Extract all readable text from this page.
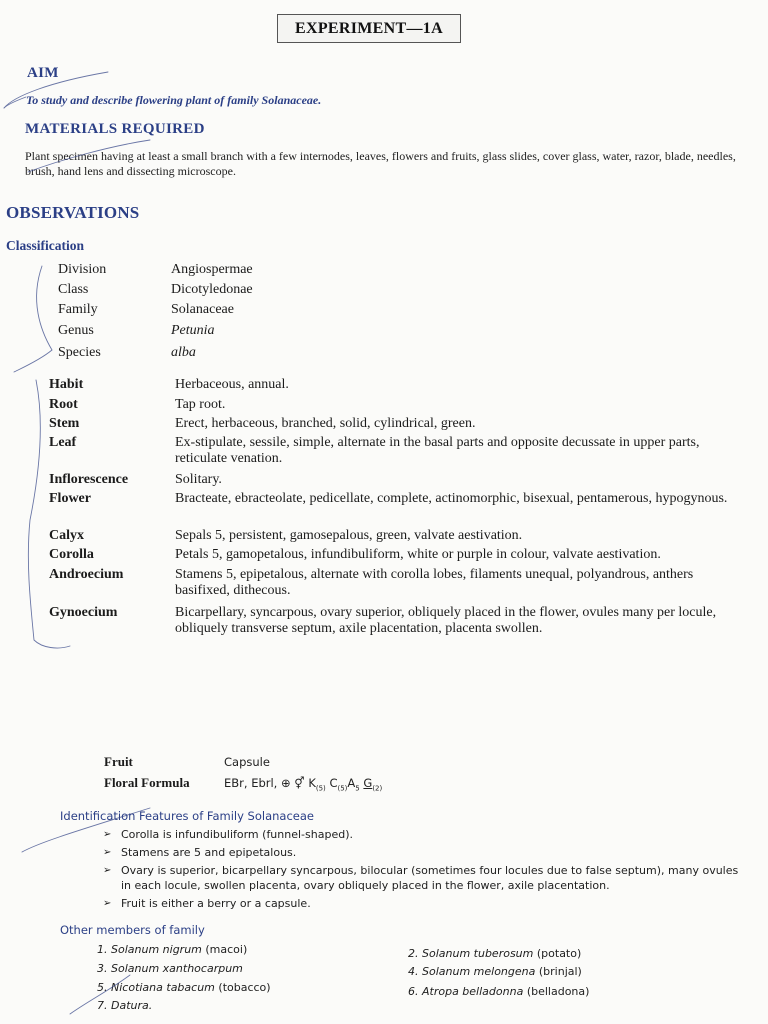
EXPERIMENT—1A
AIM
To study and describe flowering plant of family Solanaceae.
MATERIALS REQUIRED
Plant specimen having at least a small branch with a few internodes, leaves, flowers and fruits, glass slides, cover glass, water, razor, blade, needles, brush, hand lens and dissecting microscope.
OBSERVATIONS
Classification
Division	Angiospermae
Class	Dicotyledonae
Family	Solanaceae
Genus	Petunia
Species	alba
Habit	Herbaceous, annual.
Root	Tap root.
Stem	Erect, herbaceous, branched, solid, cylindrical, green.
Leaf	Ex-stipulate, sessile, simple, alternate in the basal parts and opposite decussate in upper parts, reticulate venation.
Inflorescence	Solitary.
Flower	Bracteate, ebracteolate, pedicellate, complete, actinomorphic, bisexual, pentamerous, hypogynous.
Calyx	Sepals 5, persistent, gamosepalous, green, valvate aestivation.
Corolla	Petals 5, gamopetalous, infundibuliform, white or purple in colour, valvate aestivation.
Androecium	Stamens 5, epipetalous, alternate with corolla lobes, filaments unequal, polyandrous, anthers basifixed, dithecous.
Gynoecium	Bicarpellary, syncarpous, ovary superior, obliquely placed in the flower, ovules many per locule, obliquely transverse septum, axile placentation, placenta swollen.
Fruit	Capsule
Floral Formula	EBr, Ebrl, ⊕ ⚥ $K_{(5)}$ $C_{(5)}A_5$ $G_{(2)}$
Identification Features of Family Solanaceae
➢ Corolla is infundibuliform (funnel-shaped).
➢ Stamens are 5 and epipetalous.
➢ Ovary is superior, bicarpellary syncarpous, bilocular (sometimes four locules due to false septum), many ovules in each locule, swollen placenta, ovary obliquely placed in the flower, axile placentation.
➢ Fruit is either a berry or a capsule.
Other members of family
1. Solanum nigrum (macoi)	2. Solanum tuberosum (potato)
3. Solanum xanthocarpum	4. Solanum melongena (brinjal)
5. Nicotiana tabacum (tobacco)	6. Atropa belladonna (belladona)
7. Datura.
